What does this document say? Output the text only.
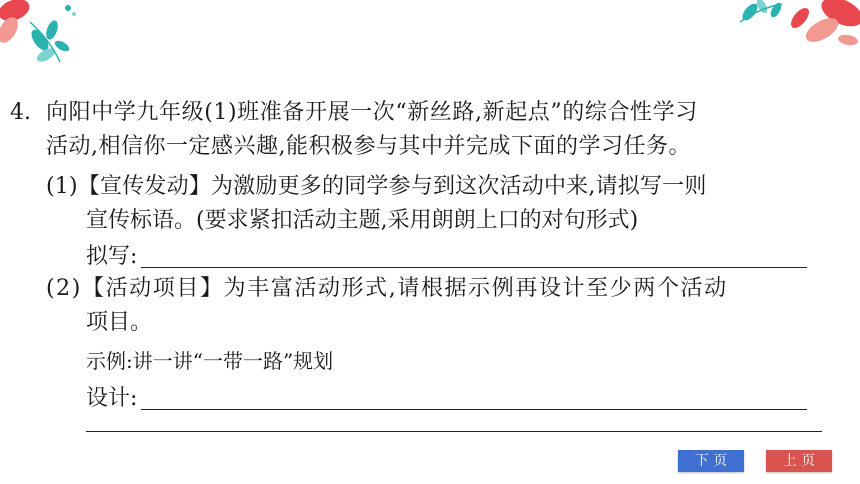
4. 向阳中学九年级(1)班准备开展一次“新丝路,新起点”的综合性学习
活动,相信你一定感兴趣,能积极参与其中并完成下面的学习任务。
(1)【宣传发动】为激励更多的同学参与到这次活动中来,请拟写一则
宣传标语。(要求紧扣活动主题,采用朗朗上口的对句形式)
拟写:
(2)【活动项目】为丰富活动形式,请根据示例再设计至少两个活动
项目。
示例:讲一讲“一带一路”规划
设计:
下 页	上 页
